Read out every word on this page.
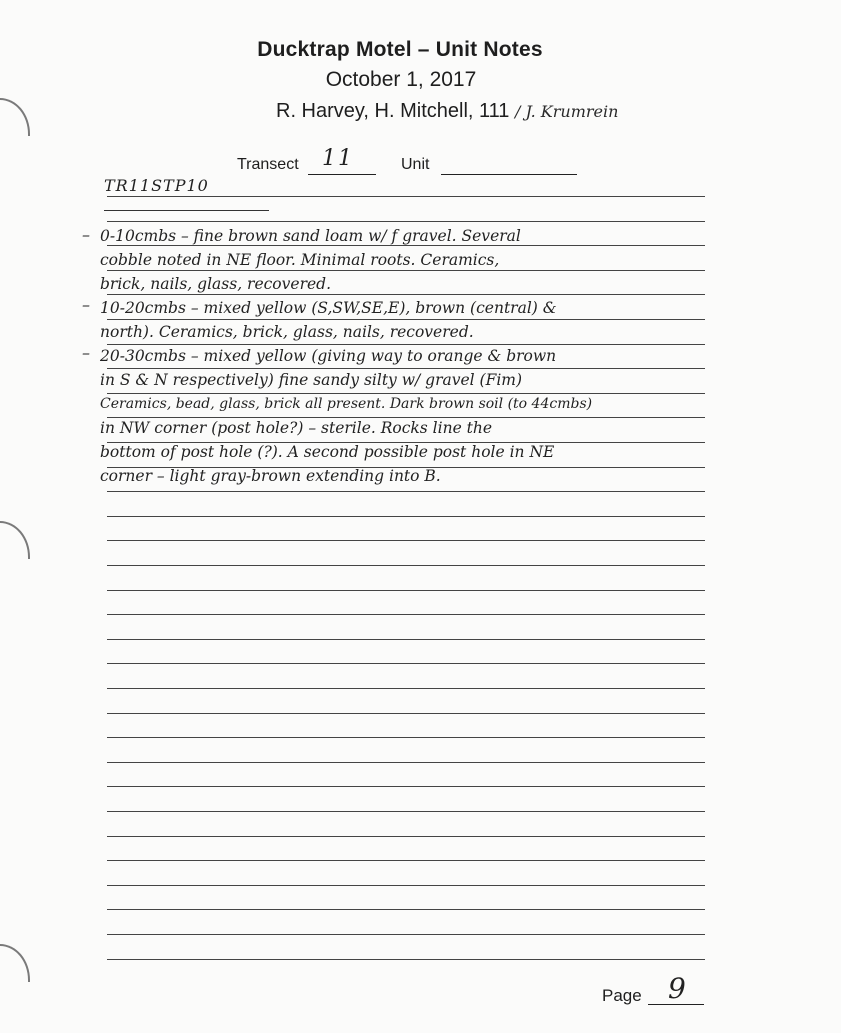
Ducktrap Motel – Unit Notes
October 1, 2017
R. Harvey, H. Mitchell, 111 / J. Krumrein
Transect 11	Unit
TR11STP10
–
–
–
0-10cmbs – fine brown sand loam w/ f gravel. Several
cobble noted in NE floor. Minimal roots. Ceramics,
brick, nails, glass, recovered.
10-20cmbs – mixed yellow (S,SW,SE,E), brown (central) &
north). Ceramics, brick, glass, nails, recovered.
20-30cmbs – mixed yellow (giving way to orange & brown
in S & N respectively) fine sandy silty w/ gravel (Fim)
Ceramics, bead, glass, brick all present. Dark brown soil (to 44cmbs)
in NW corner (post hole?) – sterile. Rocks line the
bottom of post hole (?). A second possible post hole in NE
corner – light gray-brown extending into B.
Page 9
